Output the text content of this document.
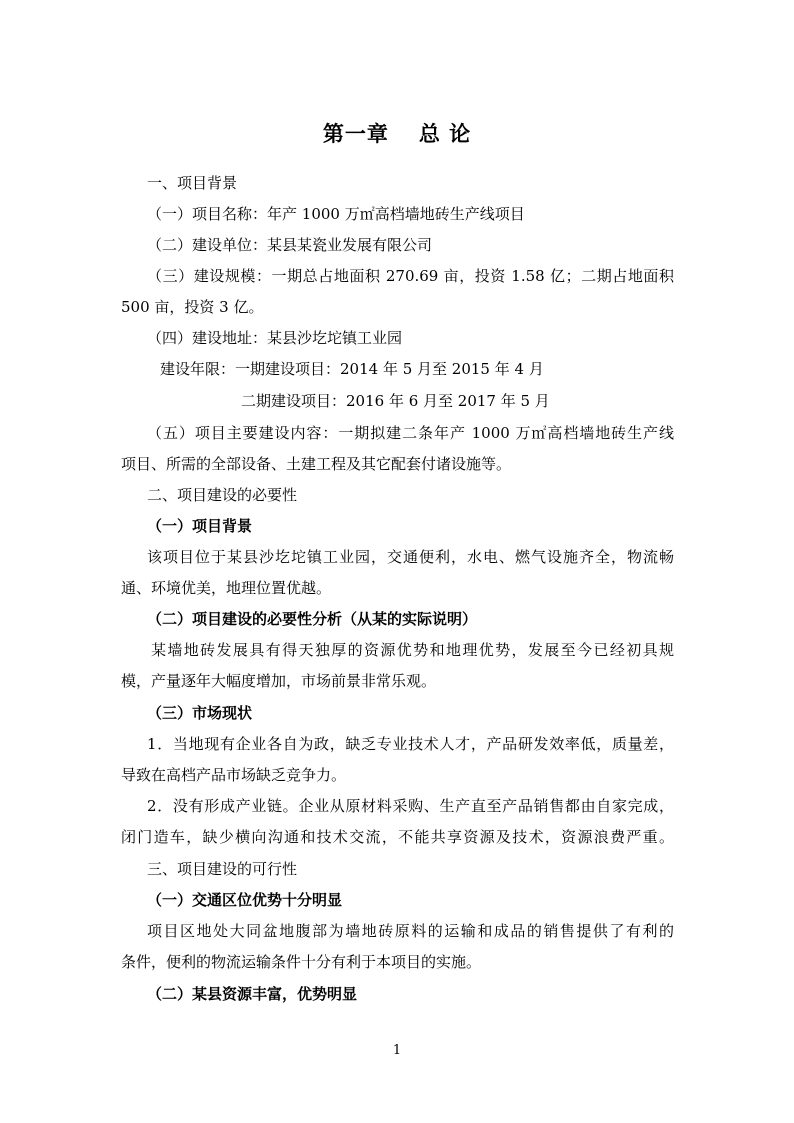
第一章 总 论
一、项目背景
（一）项目名称：年产 1000 万㎡高档墙地砖生产线项目
（二）建设单位：某县某瓷业发展有限公司
（三）建设规模：一期总占地面积 270.69 亩，投资 1.58 亿；二期占地面积
500 亩，投资 3 亿。
（四）建设地址：某县沙圪坨镇工业园
建设年限：一期建设项目：2014 年 5 月至 2015 年 4 月
二期建设项目：2016 年 6 月至 2017 年 5 月
（五）项目主要建设内容：一期拟建二条年产 1000 万㎡高档墙地砖生产线
项目、所需的全部设备、土建工程及其它配套付诸设施等。
二、项目建设的必要性
（一）项目背景
该项目位于某县沙圪坨镇工业园，交通便利，水电、燃气设施齐全，物流畅
通、环境优美，地理位置优越。
（二）项目建设的必要性分析（从某的实际说明）
某墙地砖发展具有得天独厚的资源优势和地理优势，发展至今已经初具规
模，产量逐年大幅度增加，市场前景非常乐观。
（三）市场现状
1．当地现有企业各自为政，缺乏专业技术人才，产品研发效率低，质量差，
导致在高档产品市场缺乏竞争力。
2．没有形成产业链。企业从原材料采购、生产直至产品销售都由自家完成，
闭门造车，缺少横向沟通和技术交流，不能共享资源及技术，资源浪费严重。
三、项目建设的可行性
（一）交通区位优势十分明显
项目区地处大同盆地腹部为墙地砖原料的运输和成品的销售提供了有利的
条件，便利的物流运输条件十分有利于本项目的实施。
（二）某县资源丰富，优势明显
1
